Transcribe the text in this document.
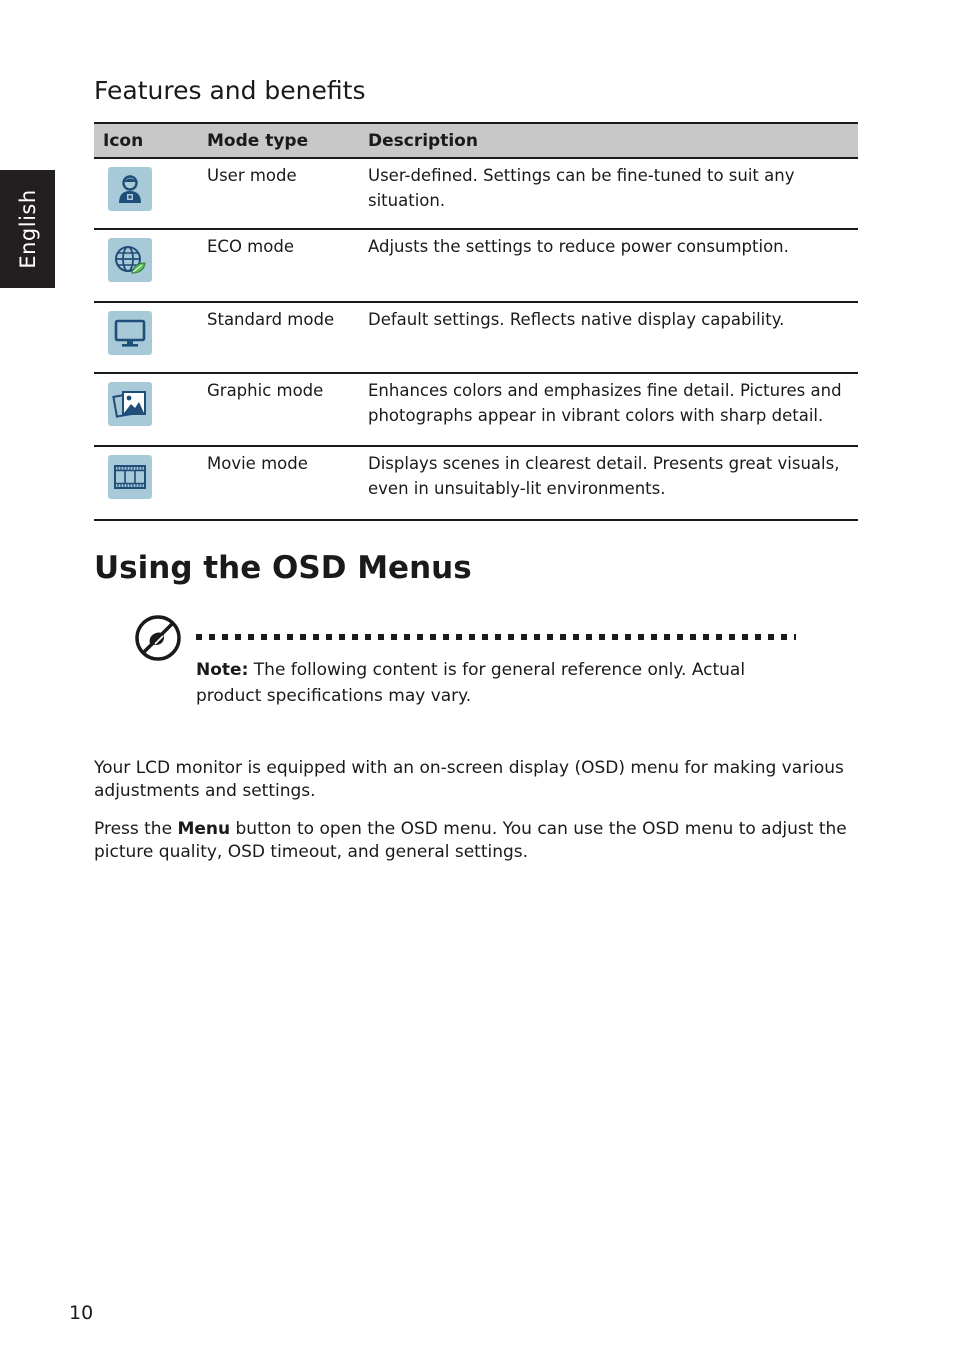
English
Features and benefits
Icon	Mode type	Description

	User mode	User-defined. Settings can be fine-tuned to suit any situation.

	ECO mode	Adjusts the settings to reduce power consumption.

	Standard mode	Default settings. Reflects native display capability.

	Graphic mode	Enhances colors and emphasizes fine detail. Pictures and photographs appear in vibrant colors with sharp detail.

	Movie mode	Displays scenes in clearest detail. Presents great visuals, even in unsuitably-lit environments.
Using the OSD Menus

Note: The following content is for general reference only. Actual product specifications may vary.

Your LCD monitor is equipped with an on-screen display (OSD) menu for making various adjustments and settings.

Press the Menu button to open the OSD menu. You can use the OSD menu to adjust the picture quality, OSD timeout, and general settings.

10
